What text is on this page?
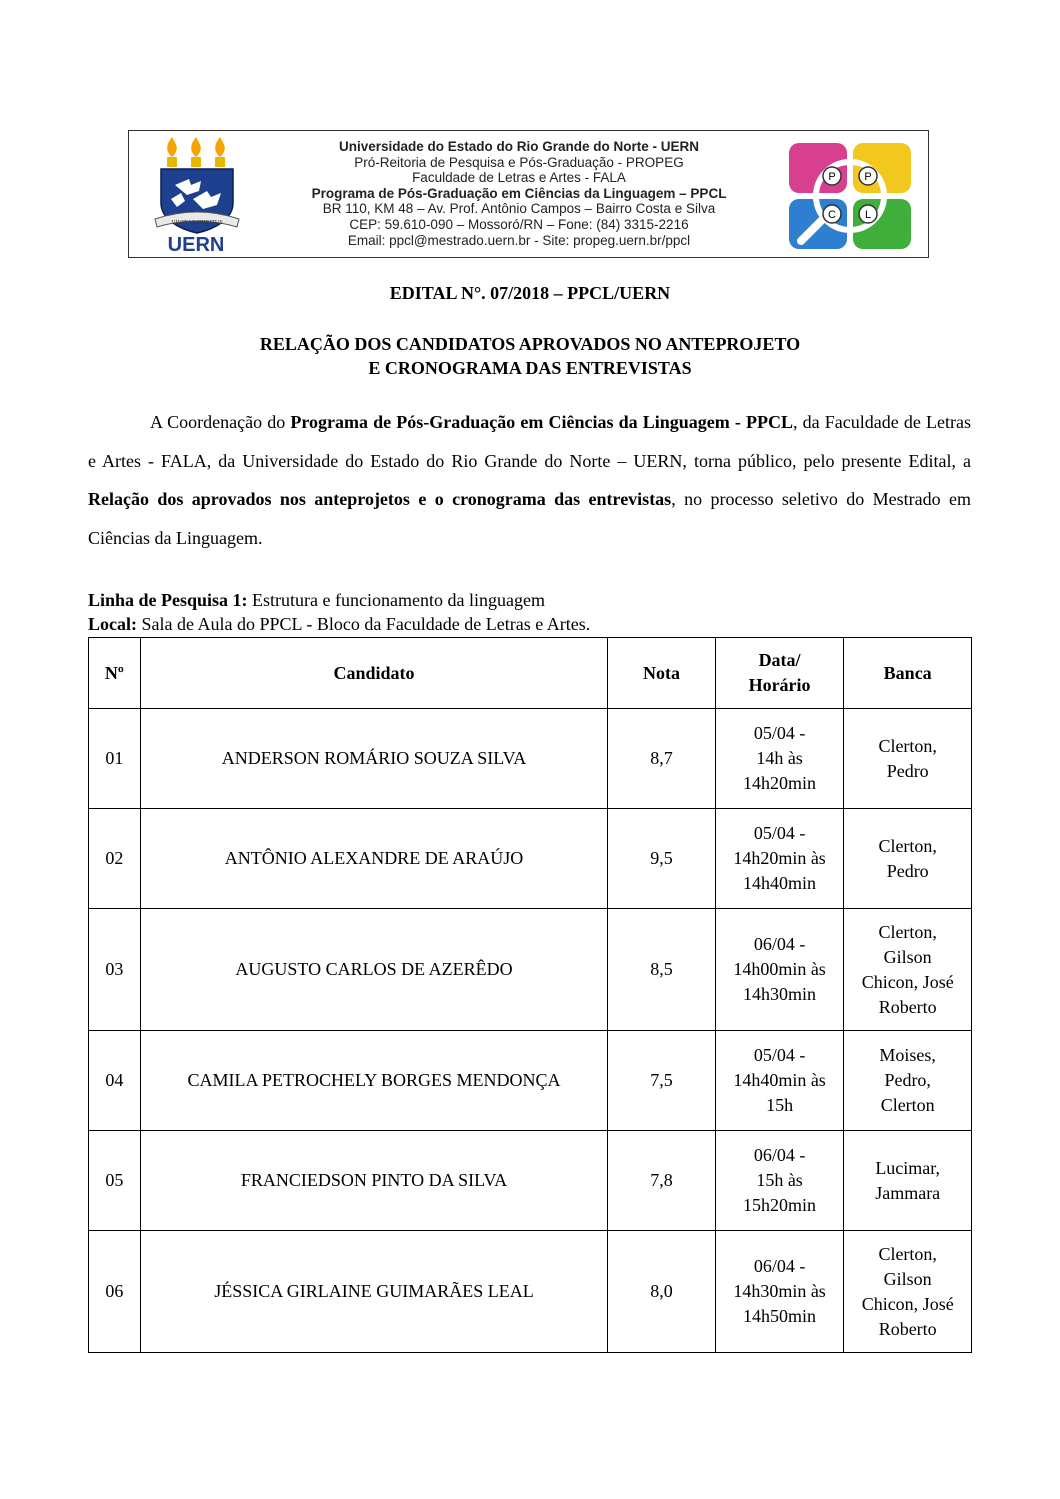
VIVIT VI SPIRITUS
UERN
Universidade do Estado do Rio Grande do Norte - UERN
Pró-Reitoria de Pesquisa e Pós-Graduação - PROPEG
Faculdade de Letras e Artes - FALA
Programa de Pós-Graduação em Ciências da Linguagem – PPCL
BR 110, KM 48 – Av. Prof. Antônio Campos – Bairro Costa e Silva
CEP: 59.610-090 – Mossoró/RN – Fone: (84) 3315-2216
Email: ppcl@mestrado.uern.br - Site: propeg.uern.br/ppcl
P	P
C	L
EDITAL N°. 07/2018 – PPCL/UERN
RELAÇÃO DOS CANDIDATOS APROVADOS NO ANTEPROJETO
E CRONOGRAMA DAS ENTREVISTAS

A Coordenação do Programa de Pós-Graduação em Ciências da Linguagem - PPCL, da Faculdade de Letras e Artes - FALA, da Universidade do Estado do Rio Grande do Norte – UERN, torna público, pelo presente Edital, a Relação dos aprovados nos anteprojetos e o cronograma das entrevistas, no processo seletivo do Mestrado em Ciências da Linguagem.

Linha de Pesquisa 1: Estrutura e funcionamento da linguagem
Local: Sala de Aula do PPCL - Bloco da Faculdade de Letras e Artes.
Nº	Candidato	Nota	Data/
Horário	Banca
01	ANDERSON ROMÁRIO SOUZA SILVA	8,7	05/04 -
14h às
14h20min	Clerton,
Pedro
02	ANTÔNIO ALEXANDRE DE ARAÚJO	9,5	05/04 -
14h20min às
14h40min	Clerton,
Pedro
03	AUGUSTO CARLOS DE AZERÊDO	8,5	06/04 -
14h00min às
14h30min	Clerton,
Gilson
Chicon, José
Roberto
04	CAMILA PETROCHELY BORGES MENDONÇA	7,5	05/04 -
14h40min às
15h	Moises,
Pedro,
Clerton
05	FRANCIEDSON PINTO DA SILVA	7,8	06/04 -
15h às
15h20min	Lucimar,
Jammara
06	JÉSSICA GIRLAINE GUIMARÃES LEAL	8,0	06/04 -
14h30min às
14h50min	Clerton,
Gilson
Chicon, José
Roberto
